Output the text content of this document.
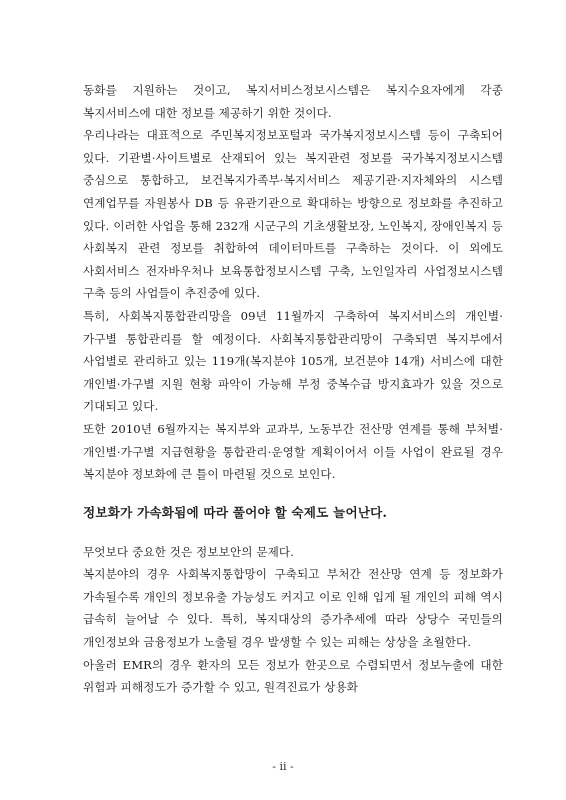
동화를 지원하는 것이고, 복지서비스정보시스템은 복지수요자에게 각종 복지서비스에 대한 정보를 제공하기 위한 것이다.

우리나라는 대표적으로 주민복지정보포털과 국가복지정보시스템 등이 구축되어 있다. 기관별·사이트별로 산재되어 있는 복지관련 정보를 국가복지정보시스템 중심으로 통합하고, 보건복지가족부·복지서비스 제공기관·지자체와의 시스템 연계업무를 자원봉사 DB 등 유관기관으로 확대하는 방향으로 정보화를 추진하고 있다. 이러한 사업을 통해 232개 시군구의 기초생활보장, 노인복지, 장애인복지 등 사회복지 관련 정보를 취합하여 데이터마트를 구축하는 것이다. 이 외에도 사회서비스 전자바우처나 보육통합정보시스템 구축, 노인일자리 사업정보시스템 구축 등의 사업들이 추진중에 있다.

특히, 사회복지통합관리망을 09년 11월까지 구축하여 복지서비스의 개인별·가구별 통합관리를 할 예정이다. 사회복지통합관리망이 구축되면 복지부에서 사업별로 관리하고 있는 119개(복지분야 105개, 보건분야 14개) 서비스에 대한 개인별·가구별 지원 현황 파악이 가능해 부정 중복수급 방지효과가 있을 것으로 기대되고 있다.

또한 2010년 6월까지는 복지부와 교과부, 노동부간 전산망 연계를 통해 부처별·개인별·가구별 지급현황을 통합관리·운영할 계획이어서 이들 사업이 완료될 경우 복지분야 정보화에 큰 틀이 마련될 것으로 보인다.

정보화가 가속화됨에 따라 풀어야 할 숙제도 늘어난다.

무엇보다 중요한 것은 정보보안의 문제다.

복지분야의 경우 사회복지통합망이 구축되고 부처간 전산망 연계 등 정보화가 가속될수록 개인의 정보유출 가능성도 커지고 이로 인해 입게 될 개인의 피해 역시 급속히 늘어날 수 있다. 특히, 복지대상의 증가추세에 따라 상당수 국민들의 개인정보와 금융정보가 노출될 경우 발생할 수 있는 피해는 상상을 초월한다.

아울러 EMR의 경우 환자의 모든 정보가 한곳으로 수렴되면서 정보누출에 대한 위험과 피해정도가 증가할 수 있고, 원격진료가 상용화

- ii -
